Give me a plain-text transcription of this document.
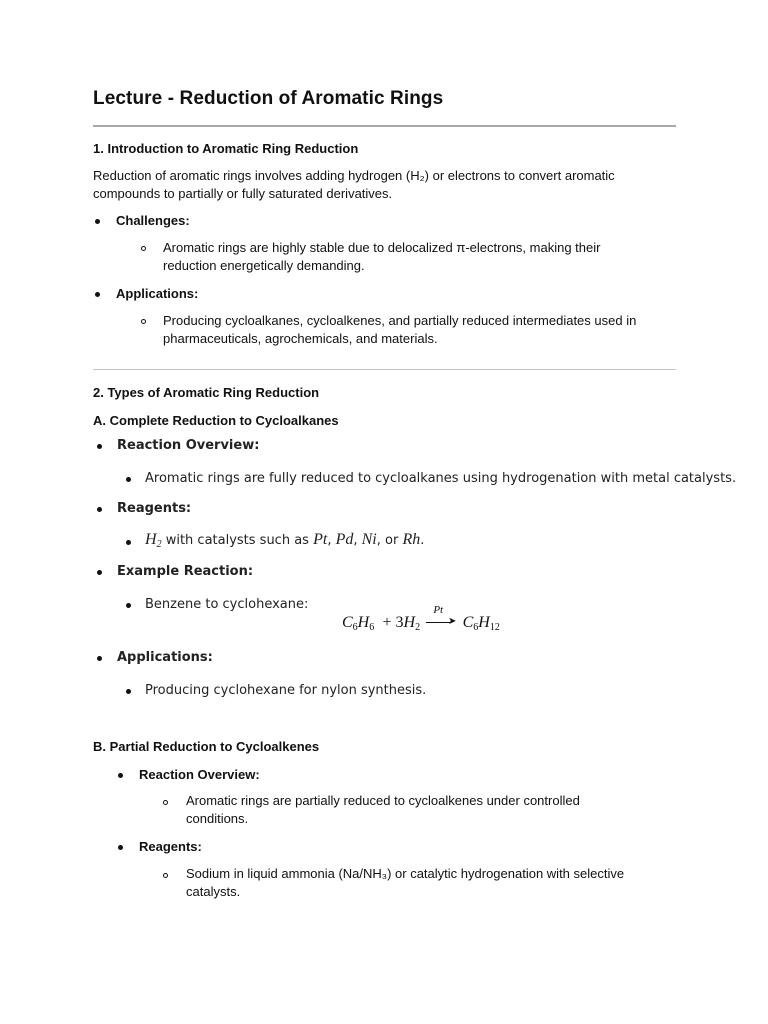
Lecture - Reduction of Aromatic Rings
1. Introduction to Aromatic Ring Reduction
Reduction of aromatic rings involves adding hydrogen (H₂) or electrons to convert aromatic
compounds to partially or fully saturated derivatives.
Challenges:
Aromatic rings are highly stable due to delocalized π-electrons, making their
reduction energetically demanding.
Applications:
Producing cycloalkanes, cycloalkenes, and partially reduced intermediates used in
pharmaceuticals, agrochemicals, and materials.
2. Types of Aromatic Ring Reduction
A. Complete Reduction to Cycloalkanes
Reaction Overview:
Aromatic rings are fully reduced to cycloalkanes using hydrogenation with metal catalysts.
Reagents:
$H_2$ with catalysts such as Pt, Pd, Ni, or Rh.
Example Reaction:
Benzene to cyclohexane:
$C_6H_6 + 3H_2$
Pt
➤ $C_6H_{12}$
Applications:
Producing cyclohexane for nylon synthesis.
B. Partial Reduction to Cycloalkenes
Reaction Overview:
Aromatic rings are partially reduced to cycloalkenes under controlled
conditions.
Reagents:
Sodium in liquid ammonia (Na/NH₃) or catalytic hydrogenation with selective
catalysts.
